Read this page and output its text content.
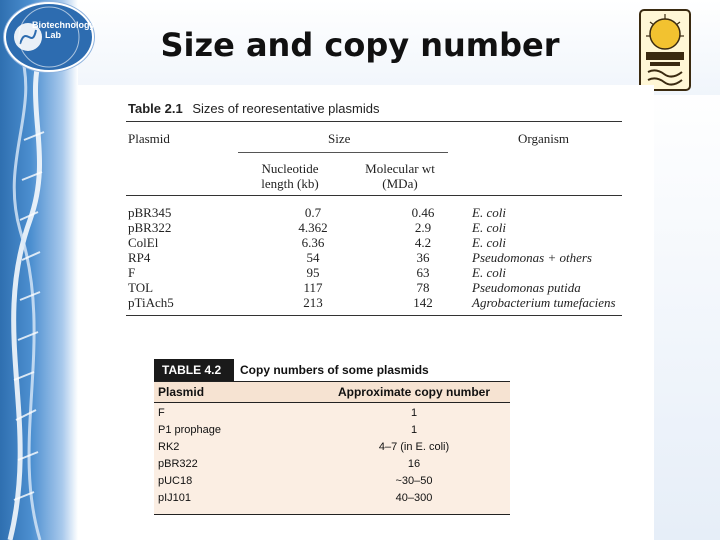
Biotechnology Lab	Size and copy number
Table 2.1 Sizes of reoresentative plasmids
Plasmid	Size	Organism
Nucleotide length (kb)
Molecular wt (MDa)
pBR345	0.7	0.46	E. coli
pBR322	4.362	2.9	E. coli
ColEl	6.36	4.2	E. coli
RP4	54	36	Pseudomonas + others
F	95	63	E. coli
TOL	117	78	Pseudomonas putida
pTiAch5	213	142	Agrobacterium tumefaciens
TABLE 4.2	Copy numbers of some plasmids
Plasmid	Approximate copy number
F	1
P1 prophage	1
RK2	4–7 (in E. coli)
pBR322	16
pUC18	~30–50
pIJ101	40–300
